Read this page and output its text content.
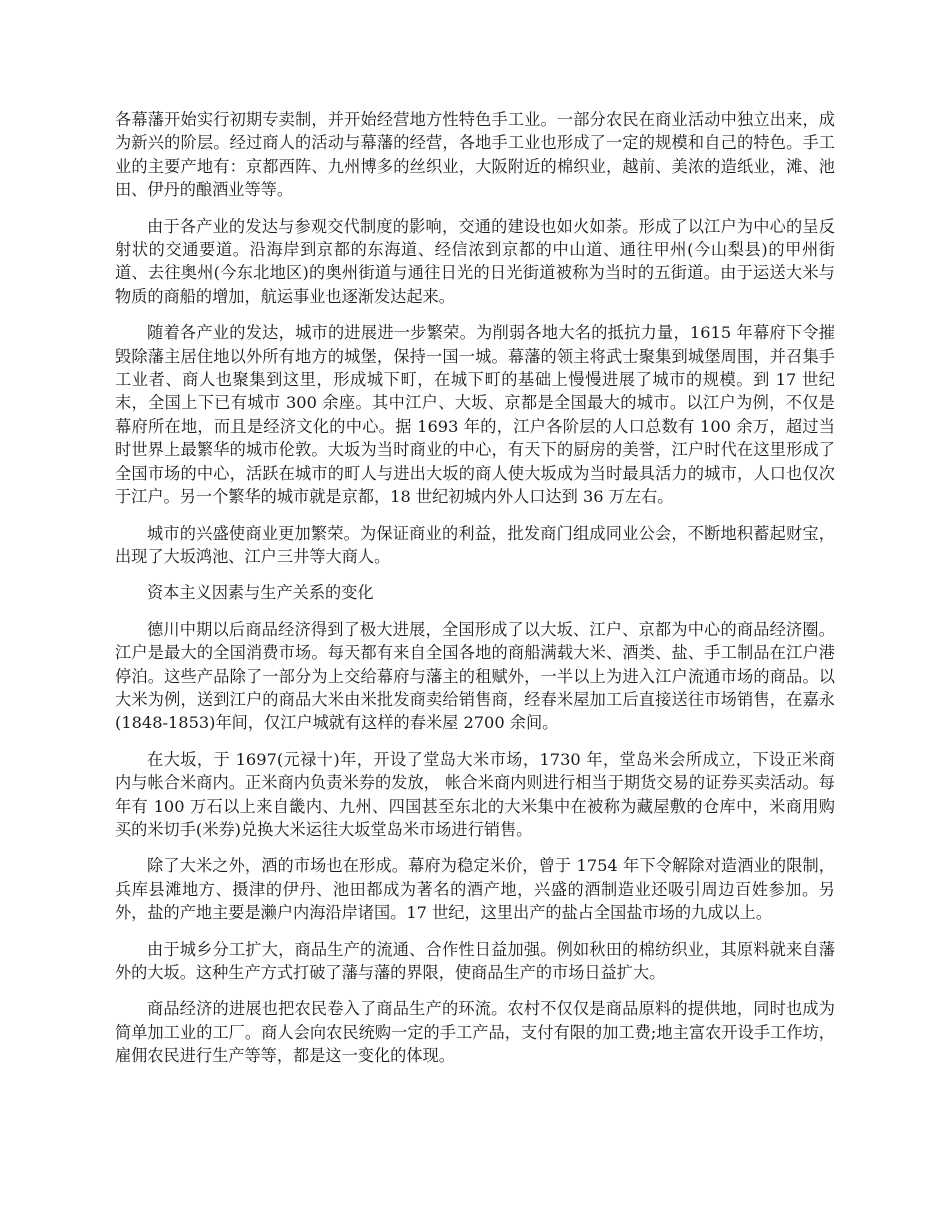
各幕藩开始实行初期专卖制，并开始经营地方性特色手工业。一部分农民在商业活动中独立出来，成为新兴的阶层。经过商人的活动与幕藩的经营，各地手工业也形成了一定的规模和自己的特色。手工业的主要产地有：京都西阵、九州博多的丝织业，大阪附近的棉织业，越前、美浓的造纸业，滩、池田、伊丹的酿酒业等等。

由于各产业的发达与参观交代制度的影响，交通的建设也如火如荼。形成了以江户为中心的呈反射状的交通要道。沿海岸到京都的东海道、经信浓到京都的中山道、通往甲州(今山梨县)的甲州街道、去往奥州(今东北地区)的奥州街道与通往日光的日光街道被称为当时的五街道。由于运送大米与物质的商船的增加，航运事业也逐渐发达起来。

随着各产业的发达，城市的进展进一步繁荣。为削弱各地大名的抵抗力量，1615 年幕府下令摧毁除藩主居住地以外所有地方的城堡，保持一国一城。幕藩的领主将武士聚集到城堡周围，并召集手工业者、商人也聚集到这里，形成城下町，在城下町的基础上慢慢进展了城市的规模。到 17 世纪末，全国上下已有城市 300 余座。其中江户、大坂、京都是全国最大的城市。以江户为例，不仅是幕府所在地，而且是经济文化的中心。据 1693 年的，江户各阶层的人口总数有 100 余万，超过当时世界上最繁华的城市伦敦。大坂为当时商业的中心，有天下的厨房的美誉，江户时代在这里形成了全国市场的中心，活跃在城市的町人与进出大坂的商人使大坂成为当时最具活力的城市，人口也仅次于江户。另一个繁华的城市就是京都，18 世纪初城内外人口达到 36 万左右。

城市的兴盛使商业更加繁荣。为保证商业的利益，批发商门组成同业公会，不断地积蓄起财宝，出现了大坂鸿池、江户三井等大商人。

资本主义因素与生产关系的变化

德川中期以后商品经济得到了极大进展，全国形成了以大坂、江户、京都为中心的商品经济圈。江户是最大的全国消费市场。每天都有来自全国各地的商船满载大米、酒类、盐、手工制品在江户港停泊。这些产品除了一部分为上交给幕府与藩主的租赋外，一半以上为进入江户流通市场的商品。以大米为例，送到江户的商品大米由米批发商卖给销售商，经春米屋加工后直接送往市场销售，在嘉永(1848-1853)年间，仅江户城就有这样的春米屋 2700 余间。

在大坂，于 1697(元禄十)年，开设了堂岛大米市场，1730 年，堂岛米会所成立，下设正米商内与帐合米商内。正米商内负责米券的发放， 帐合米商内则进行相当于期货交易的证券买卖活动。每年有 100 万石以上来自畿内、九州、四国甚至东北的大米集中在被称为藏屋敷的仓库中，米商用购买的米切手(米券)兑换大米运往大坂堂岛米市场进行销售。

除了大米之外，酒的市场也在形成。幕府为稳定米价，曾于 1754 年下令解除对造酒业的限制，兵库县滩地方、摄津的伊丹、池田都成为著名的酒产地，兴盛的酒制造业还吸引周边百姓参加。另外，盐的产地主要是濑户内海沿岸诸国。17 世纪，这里出产的盐占全国盐市场的九成以上。

由于城乡分工扩大，商品生产的流通、合作性日益加强。例如秋田的棉纺织业，其原料就来自藩外的大坂。这种生产方式打破了藩与藩的界限，使商品生产的市场日益扩大。

商品经济的进展也把农民卷入了商品生产的环流。农村不仅仅是商品原料的提供地，同时也成为简单加工业的工厂。商人会向农民统购一定的手工产品，支付有限的加工费;地主富农开设手工作坊，雇佣农民进行生产等等，都是这一变化的体现。
